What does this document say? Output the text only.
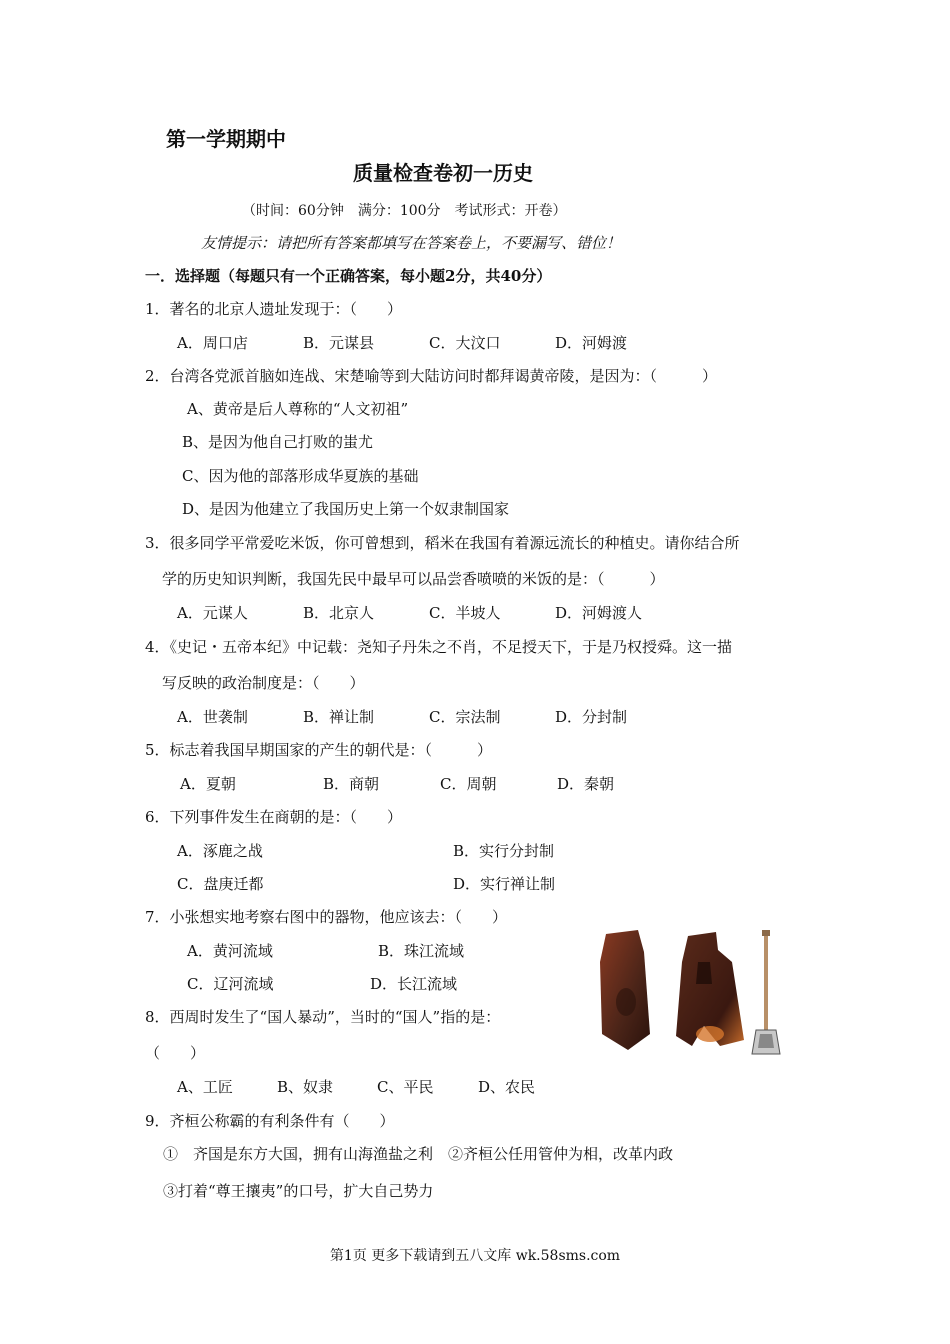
第一学期期中
质量检查卷初一历史
（时间：60分钟　满分：100分　考试形式：开卷）
友情提示：请把所有答案都填写在答案卷上，不要漏写、错位！
一．选择题（每题只有一个正确答案，每小题2分，共40分）
1．著名的北京人遗址发现于：（　　）
A．周口店	B．元谋县	C．大汶口	D．河姆渡
2．台湾各党派首脑如连战、宋楚喻等到大陆访问时都拜谒黄帝陵，是因为：（　　　）
A、黄帝是后人尊称的“人文初祖”
B、是因为他自己打败的蚩尤
C、因为他的部落形成华夏族的基础
D、是因为他建立了我国历史上第一个奴隶制国家
3．很多同学平常爱吃米饭，你可曾想到，稻米在我国有着源远流长的种植史。请你结合所
学的历史知识判断，我国先民中最早可以品尝香喷喷的米饭的是：（　　　）
A．元谋人	B．北京人	C．半坡人	D．河姆渡人
4．《史记・五帝本纪》中记载：尧知子丹朱之不肖，不足授天下，于是乃权授舜。这一描
写反映的政治制度是：（　　）
A．世袭制	B．禅让制	C．宗法制	D．分封制
5．标志着我国早期国家的产生的朝代是：（　　　）
A．夏朝	B．商朝	C．周朝	D．秦朝
6．下列事件发生在商朝的是：（　　）
A．涿鹿之战	B．实行分封制
C．盘庚迁都	D．实行禅让制
7．小张想实地考察右图中的器物，他应该去：（　　）
A．黄河流域	B．珠江流域
C．辽河流域	D．长江流域
8．西周时发生了“国人暴动”，当时的“国人”指的是：
（　　）
A、工匠	B、奴隶	C、平民	D、农民
9．齐桓公称霸的有利条件有（　　）
①　齐国是东方大国，拥有山海渔盐之利　②齐桓公任用管仲为相，改革内政
③打着“尊王攘夷”的口号，扩大自己势力
第1页 更多下载请到五八文库 wk.58sms.com
